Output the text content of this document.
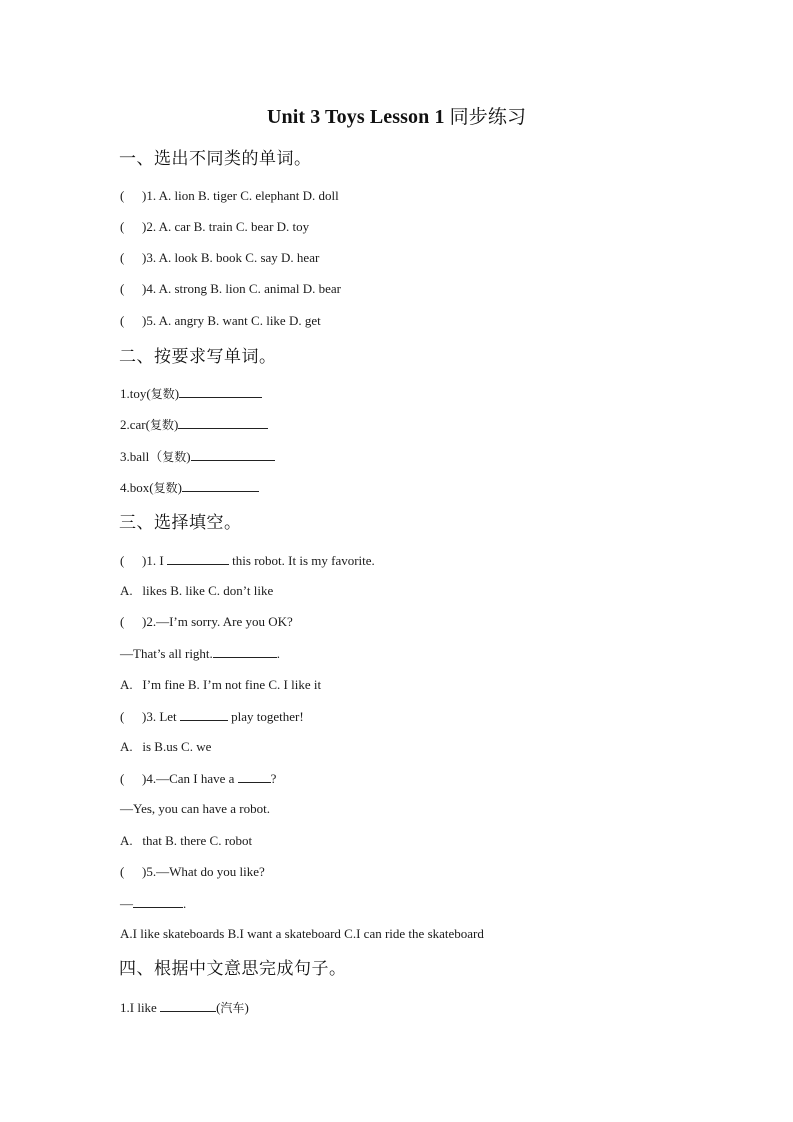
Unit 3 Toys Lesson 1 同步练习
一、选出不同类的单词。
( )1. A. lion B. tiger C. elephant D. doll
( )2. A. car B. train C. bear D. toy
( )3. A. look B. book C. say D. hear
( )4. A. strong B. lion C. animal D. bear
( )5. A. angry B. want C. like D. get
二、按要求写单词。
1.toy(复数)
2.car(复数)
3.ball（复数)
4.box(复数)
三、选择填空。
( )1. I	this robot. It is my favorite.
A.   likes B. like C. don’t like
( )2.—I’m sorry. Are you OK?
—That’s all right.	.
A.   I’m fine B. I’m not fine C. I like it
( )3. Let	play together!
A.   is B.us C. we
( )4.—Can I have a	?
—Yes, you can have a robot.
A.   that B. there C. robot
( )5.—What do you like?
—	.
A.I like skateboards B.I want a skateboard C.I can ride the skateboard
四、根据中文意思完成句子。
1.I like	(汽车)
